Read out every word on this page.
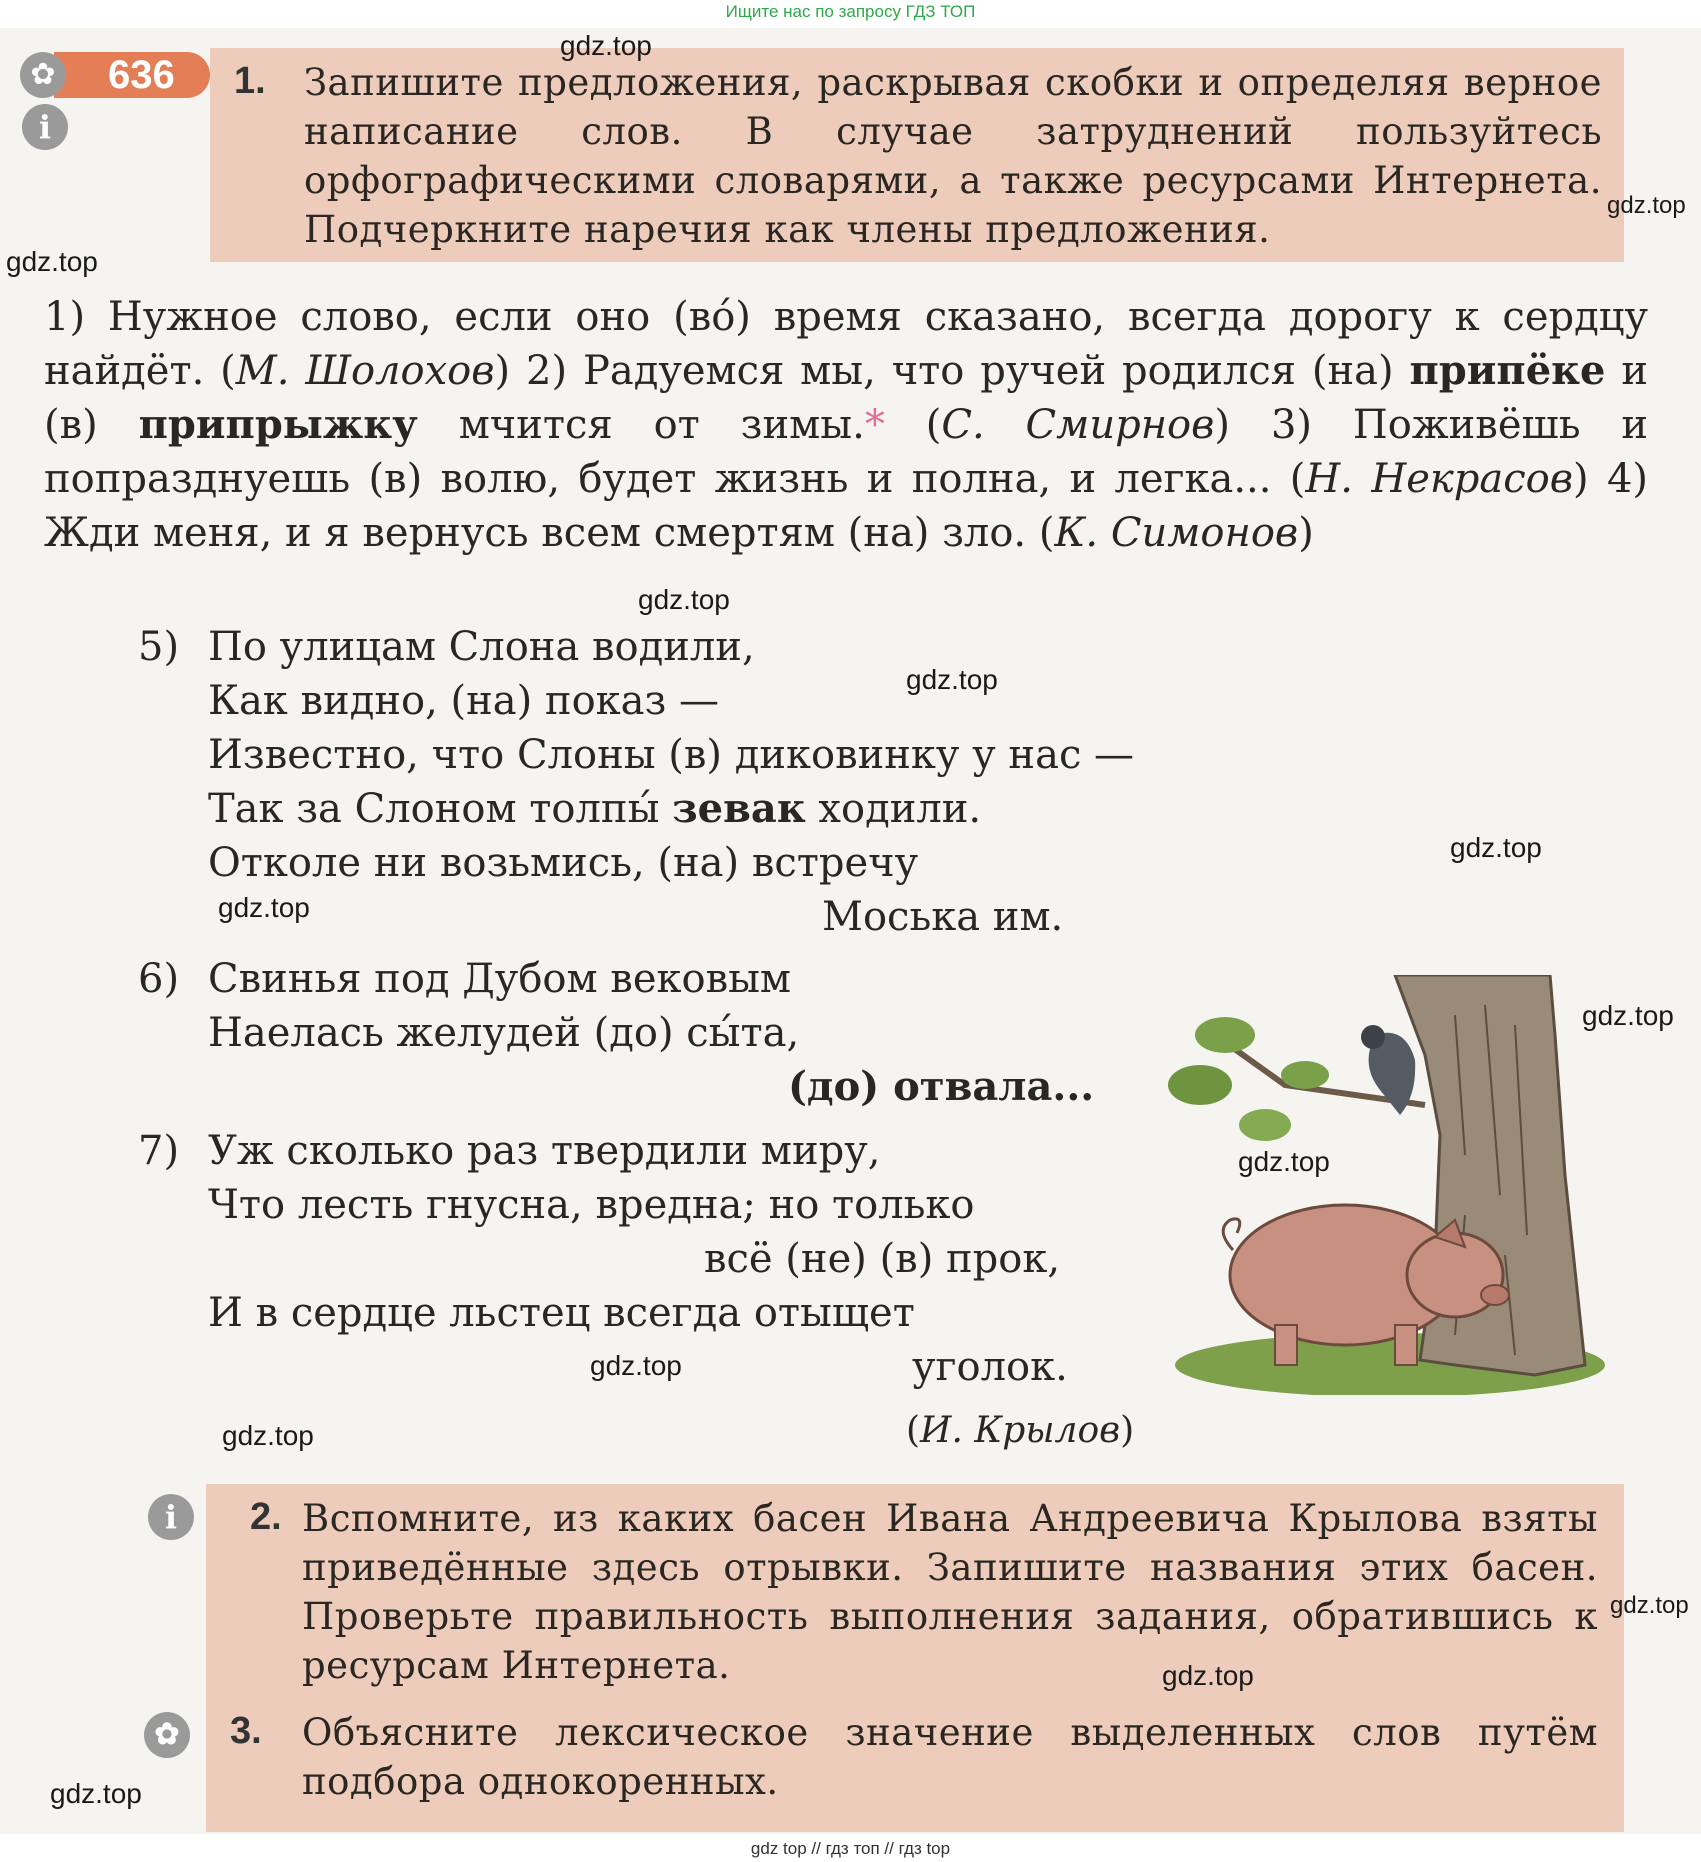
Ищите нас по запросу ГДЗ ТОП
636
✿
i
1. Запишите предложения, раскрывая скобки и определяя верное написание слов. В случае затруднений пользуйтесь орфографическими словарями, а также ресурсами Интернета. Подчеркните наречия как члены предложения.
1) Нужное слово, если оно (во́) время сказано, всегда дорогу к сердцу найдёт. (М. Шолохов) 2) Радуемся мы, что ручей родился (на) припёке и (в) припрыжку мчится от зимы.* (С. Смирнов) 3) Поживёшь и попразднуешь (в) волю, будет жизнь и полна, и легка... (Н. Некрасов) 4) Жди меня, и я вернусь всем смертям (на) зло. (К. Симонов)
5) По улицам Слона водили,
Как видно, (на) показ —
Известно, что Слоны (в) диковинку у нас —
Так за Слоном толпы́ зевак ходили.
Отколе ни возьмись, (на) встречу
Моська им.
6) Свинья под Дубом вековым
Наелась желудей (до) сы́та,
(до) отвала...
7) Уж сколько раз твердили миру,
Что лесть гнусна, вредна; но только
всё (не) (в) прок,
И в сердце льстец всегда отыщет
уголок.
(И. Крылов)
2. Вспомните, из каких басен Ивана Андреевича Крылова взяты приведённые здесь отрывки. Запишите названия этих басен. Проверьте правильность выполнения задания, обратившись к ресурсам Интернета.
3. Объясните лексическое значение выделенных слов путём подбора однокоренных.
i
✿
gdz.top
gdz.top
gdz.top
gdz.top
gdz.top
gdz.top
gdz.top
gdz.top
gdz.top
gdz.top
gdz.top
gdz.top
gdz.top
gdz.top
gdz top // гдз топ // гдз top
